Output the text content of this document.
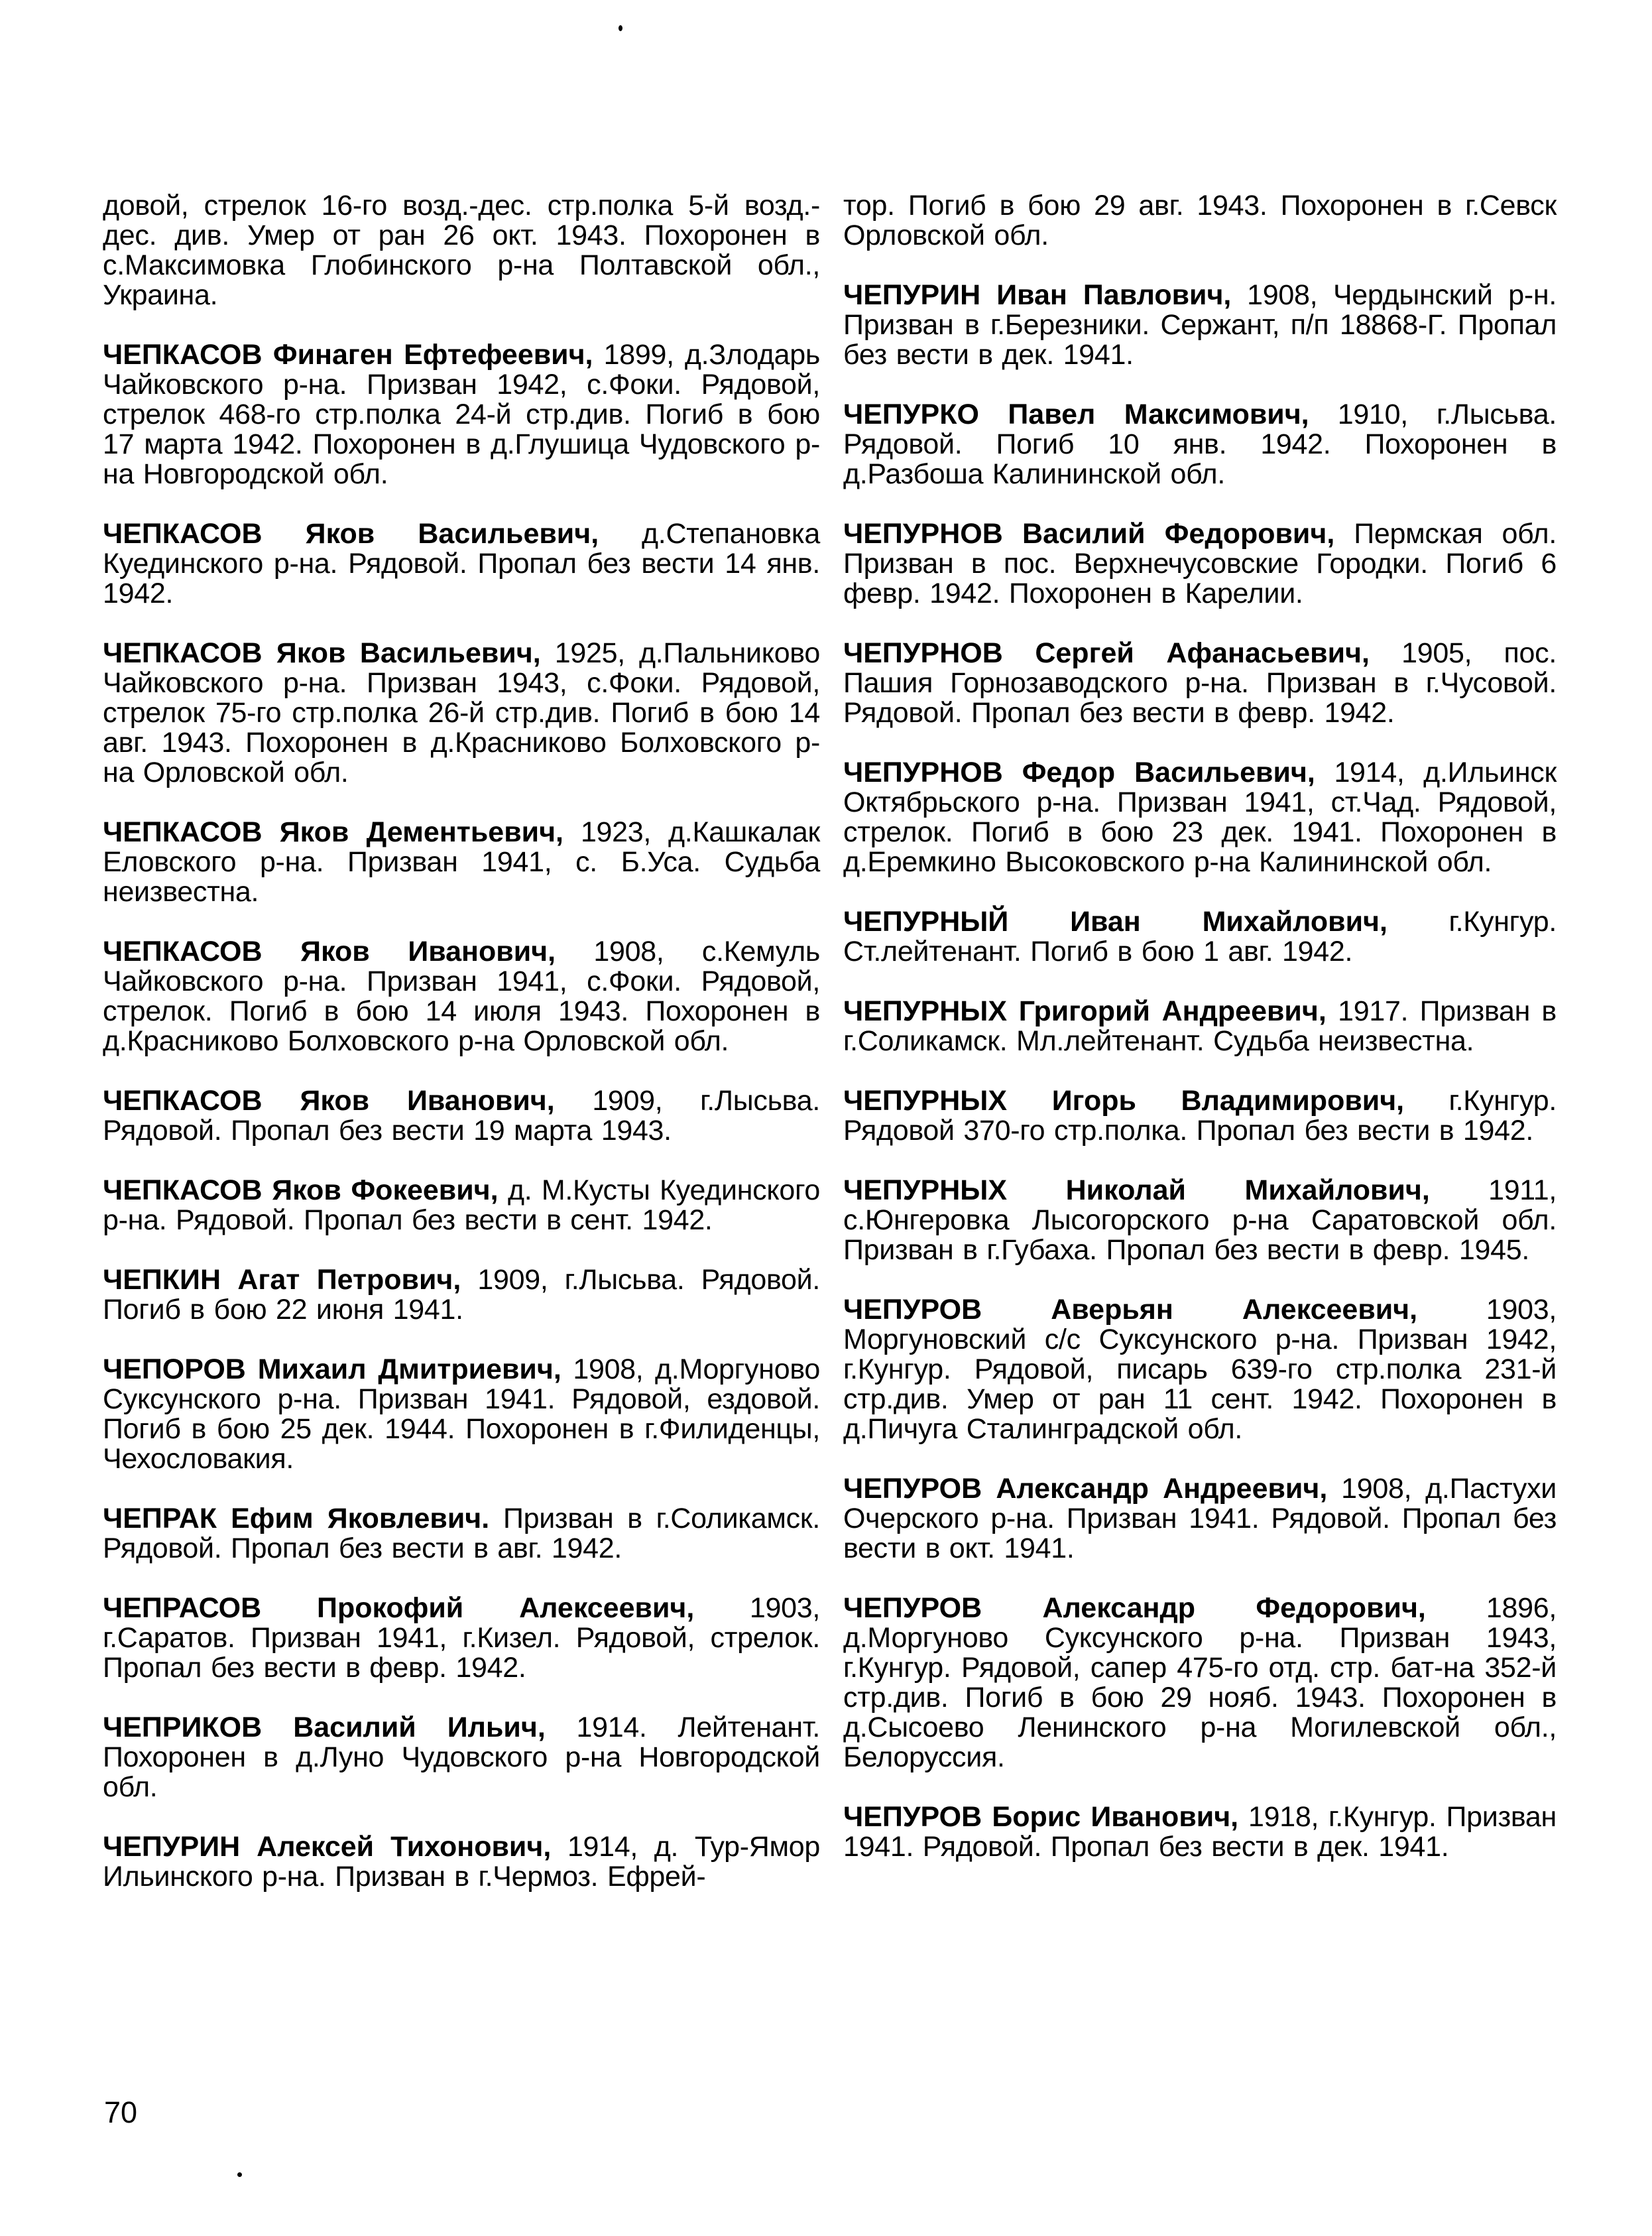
довой, стрелок 16-го возд.-дес. стр.полка 5-й возд.-дес. див. Умер от ран 26 окт. 1943. Похоронен в с.Максимовка Глобинского р-на Полтавской обл., Украина.

ЧЕПКАСОВ Финаген Ефтефеевич, 1899, д.Злодарь Чайковского р-на. Призван 1942, с.Фоки. Рядовой, стрелок 468-го стр.полка 24-й стр.див. Погиб в бою 17 марта 1942. Похоронен в д.Глушица Чудовского р-на Новгородской обл.

ЧЕПКАСОВ Яков Васильевич, д.Степановка Куединского р-на. Рядовой. Пропал без вести 14 янв. 1942.

ЧЕПКАСОВ Яков Васильевич, 1925, д.Пальниково Чайковского р-на. Призван 1943, с.Фоки. Рядовой, стрелок 75-го стр.полка 26-й стр.див. Погиб в бою 14 авг. 1943. Похоронен в д.Красниково Болховского р-на Орловской обл.

ЧЕПКАСОВ Яков Дементьевич, 1923, д.Кашкалак Еловского р-на. Призван 1941, с. Б.Уса. Судьба неизвестна.

ЧЕПКАСОВ Яков Иванович, 1908, с.Кемуль Чайковского р-на. Призван 1941, с.Фоки. Рядовой, стрелок. Погиб в бою 14 июля 1943. Похоронен в д.Красниково Болховского р-на Орловской обл.

ЧЕПКАСОВ Яков Иванович, 1909, г.Лысьва. Рядовой. Пропал без вести 19 марта 1943.

ЧЕПКАСОВ Яков Фокеевич, д. М.Кусты Куединского р-на. Рядовой. Пропал без вести в сент. 1942.

ЧЕПКИН Агат Петрович, 1909, г.Лысьва. Рядовой. Погиб в бою 22 июня 1941.

ЧЕПОРОВ Михаил Дмитриевич, 1908, д.Моргуново Суксунского р-на. Призван 1941. Рядовой, ездовой. Погиб в бою 25 дек. 1944. Похоронен в г.Филиденцы, Чехословакия.

ЧЕПРАК Ефим Яковлевич. Призван в г.Соликамск. Рядовой. Пропал без вести в авг. 1942.

ЧЕПРАСОВ Прокофий Алексеевич, 1903, г.Саратов. Призван 1941, г.Кизел. Рядовой, стрелок. Пропал без вести в февр. 1942.

ЧЕПРИКОВ Василий Ильич, 1914. Лейтенант. Похоронен в д.Луно Чудовского р-на Новгородской обл.

ЧЕПУРИН Алексей Тихонович, 1914, д. Тур-Ямор Ильинского р-на. Призван в г.Чермоз. Ефрей-

тор. Погиб в бою 29 авг. 1943. Похоронен в г.Севск Орловской обл.

ЧЕПУРИН Иван Павлович, 1908, Чердынский р-н. Призван в г.Березники. Сержант, п/п 18868-Г. Пропал без вести в дек. 1941.

ЧЕПУРКО Павел Максимович, 1910, г.Лысьва. Рядовой. Погиб 10 янв. 1942. Похоронен в д.Разбоша Калининской обл.

ЧЕПУРНОВ Василий Федорович, Пермская обл. Призван в пос. Верхнечусовские Городки. Погиб 6 февр. 1942. Похоронен в Карелии.

ЧЕПУРНОВ Сергей Афанасьевич, 1905, пос. Пашия Горнозаводского р-на. Призван в г.Чусовой. Рядовой. Пропал без вести в февр. 1942.

ЧЕПУРНОВ Федор Васильевич, 1914, д.Ильинск Октябрьского р-на. Призван 1941, ст.Чад. Рядовой, стрелок. Погиб в бою 23 дек. 1941. Похоронен в д.Еремкино Высоковского р-на Калининской обл.

ЧЕПУРНЫЙ Иван Михайлович, г.Кунгур. Ст.лейтенант. Погиб в бою 1 авг. 1942.

ЧЕПУРНЫХ Григорий Андреевич, 1917. Призван в г.Соликамск. Мл.лейтенант. Судьба неизвестна.

ЧЕПУРНЫХ Игорь Владимирович, г.Кунгур. Рядовой 370-го стр.полка. Пропал без вести в 1942.

ЧЕПУРНЫХ Николай Михайлович, 1911, с.Юнгеровка Лысогорского р-на Саратовской обл. Призван в г.Губаха. Пропал без вести в февр. 1945.

ЧЕПУРОВ Аверьян Алексеевич, 1903, Моргуновский с/с Суксунского р-на. Призван 1942, г.Кунгур. Рядовой, писарь 639-го стр.полка 231-й стр.див. Умер от ран 11 сент. 1942. Похоронен в д.Пичуга Сталинградской обл.

ЧЕПУРОВ Александр Андреевич, 1908, д.Пастухи Очерского р-на. Призван 1941. Рядовой. Пропал без вести в окт. 1941.

ЧЕПУРОВ Александр Федорович, 1896, д.Моргуново Суксунского р-на. Призван 1943, г.Кунгур. Рядовой, сапер 475-го отд. стр. бат-на 352-й стр.див. Погиб в бою 29 нояб. 1943. Похоронен в д.Сысоево Ленинского р-на Могилевской обл., Белоруссия.

ЧЕПУРОВ Борис Иванович, 1918, г.Кунгур. Призван 1941. Рядовой. Пропал без вести в дек. 1941.

70
